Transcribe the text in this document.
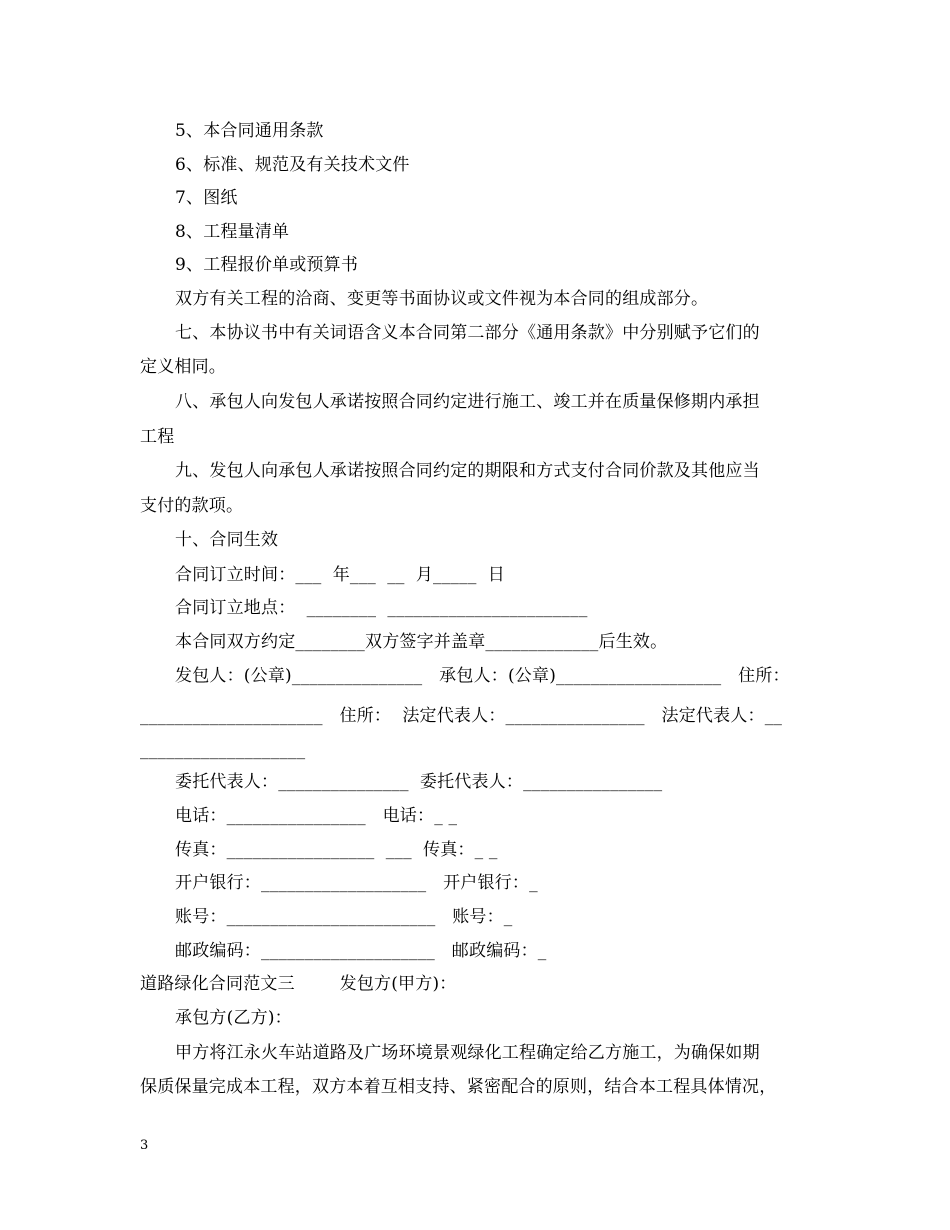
5、本合同通用条款
6、标准、规范及有关技术文件
7、图纸
8、工程量清单
9、工程报价单或预算书
双方有关工程的洽商、变更等书面协议或文件视为本合同的组成部分。
七、本协议书中有关词语含义本合同第二部分《通用条款》中分别赋予它们的
定义相同。
八、承包人向发包人承诺按照合同约定进行施工、竣工并在质量保修期内承担
工程
九、发包人向承包人承诺按照合同约定的期限和方式支付合同价款及其他应当
支付的款项。
十、合同生效
合同订立时间：___  年___  __  月_____  日
合同订立地点：  ________  _______________________
本合同双方约定________双方签字并盖章_____________后生效。
发包人：(公章)_______________   承包人：(公章)___________________   住所：
_____________________   住所：  法定代表人：________________   法定代表人：__
___________________
委托代表人：_______________  委托代表人：________________
电话：________________   电话：_ _
传真：_________________  ___  传真：_ _
开户银行：___________________   开户银行：_
账号：________________________   账号：_
邮政编码：____________________   邮政编码：_
道路绿化合同范文三        发包方(甲方)：
承包方(乙方)：
甲方将江永火车站道路及广场环境景观绿化工程确定给乙方施工，为确保如期
保质保量完成本工程，双方本着互相支持、紧密配合的原则，结合本工程具体情况，
3
